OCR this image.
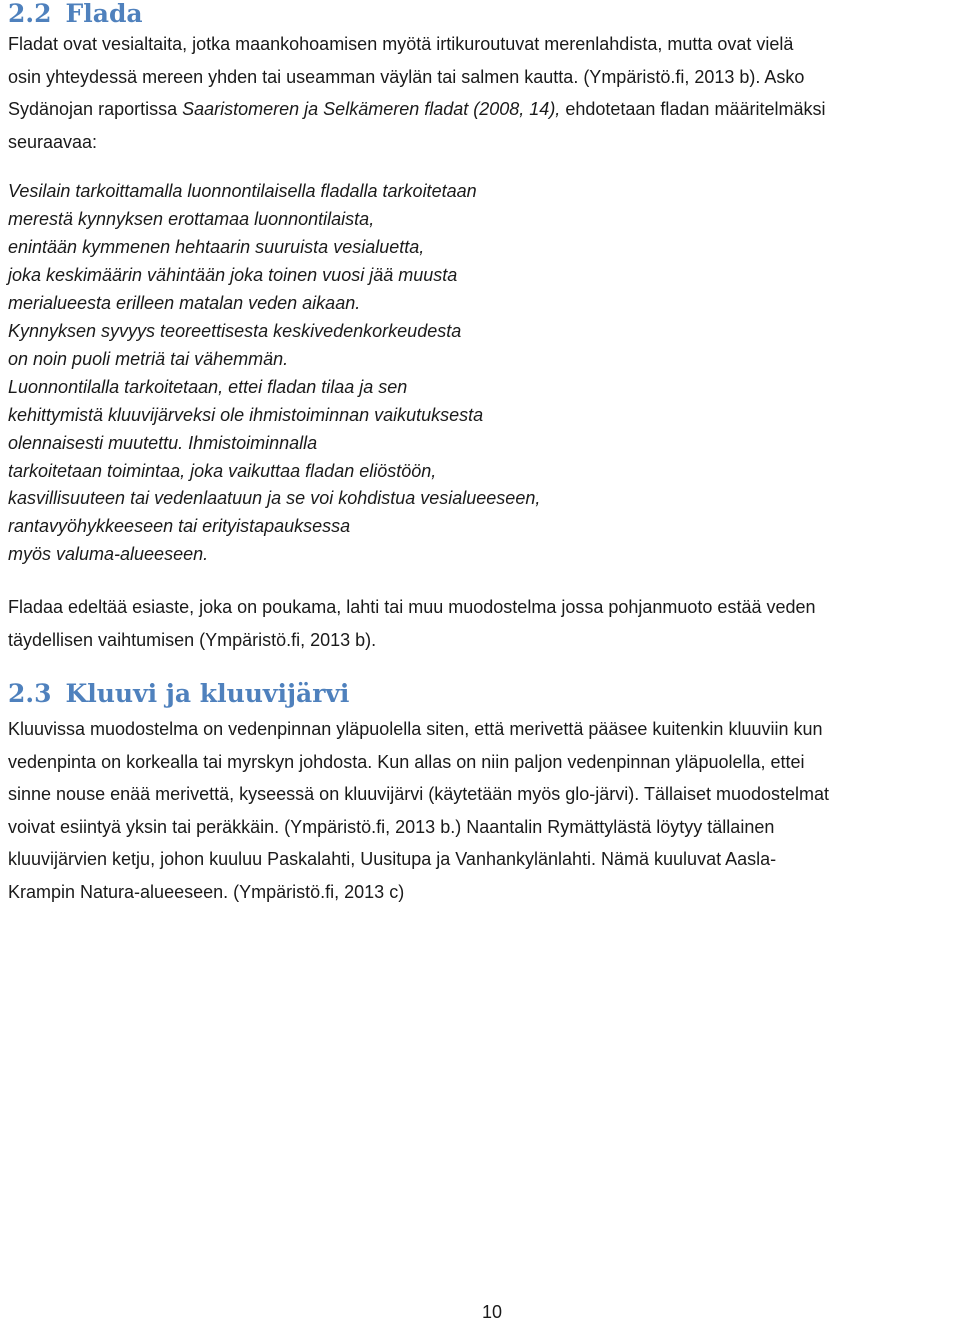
2.2 Flada

Fladat ovat vesialtaita, jotka maankohoamisen myötä irtikuroutuvat merenlahdista, mutta ovat vielä
osin yhteydessä mereen yhden tai useamman väylän tai salmen kautta. (Ympäristö.fi, 2013 b). Asko
Sydänojan raportissa Saaristomeren ja Selkämeren fladat (2008, 14), ehdotetaan fladan määritelmäksi
seuraavaa:

Vesilain tarkoittamalla luonnontilaisella fladalla tarkoitetaan
merestä kynnyksen erottamaa luonnontilaista,
enintään kymmenen hehtaarin suuruista vesialuetta,
joka keskimäärin vähintään joka toinen vuosi jää muusta
merialueesta erilleen matalan veden aikaan.
Kynnyksen syvyys teoreettisesta keskivedenkorkeudesta
on noin puoli metriä tai vähemmän.
Luonnontilalla tarkoitetaan, ettei fladan tilaa ja sen
kehittymistä kluuvijärveksi ole ihmistoiminnan vaikutuksesta
olennaisesti muutettu. Ihmistoiminnalla
tarkoitetaan toimintaa, joka vaikuttaa fladan eliöstöön,
kasvillisuuteen tai vedenlaatuun ja se voi kohdistua vesialueeseen,
rantavyöhykkeeseen tai erityistapauksessa
myös valuma-alueeseen.

Fladaa edeltää esiaste, joka on poukama, lahti tai muu muodostelma jossa pohjanmuoto estää veden
täydellisen vaihtumisen (Ympäristö.fi, 2013 b).

2.3 Kluuvi ja kluuvijärvi

Kluuvissa muodostelma on vedenpinnan yläpuolella siten, että merivettä pääsee kuitenkin kluuviin kun
vedenpinta on korkealla tai myrskyn johdosta. Kun allas on niin paljon vedenpinnan yläpuolella, ettei
sinne nouse enää merivettä, kyseessä on kluuvijärvi (käytetään myös glo-järvi). Tällaiset muodostelmat
voivat esiintyä yksin tai peräkkäin. (Ympäristö.fi, 2013 b.) Naantalin Rymättylästä löytyy tällainen
kluuvijärvien ketju, johon kuuluu Paskalahti, Uusitupa ja Vanhankylänlahti. Nämä kuuluvat Aasla-
Krampin Natura-alueeseen. (Ympäristö.fi, 2013 c)

10
